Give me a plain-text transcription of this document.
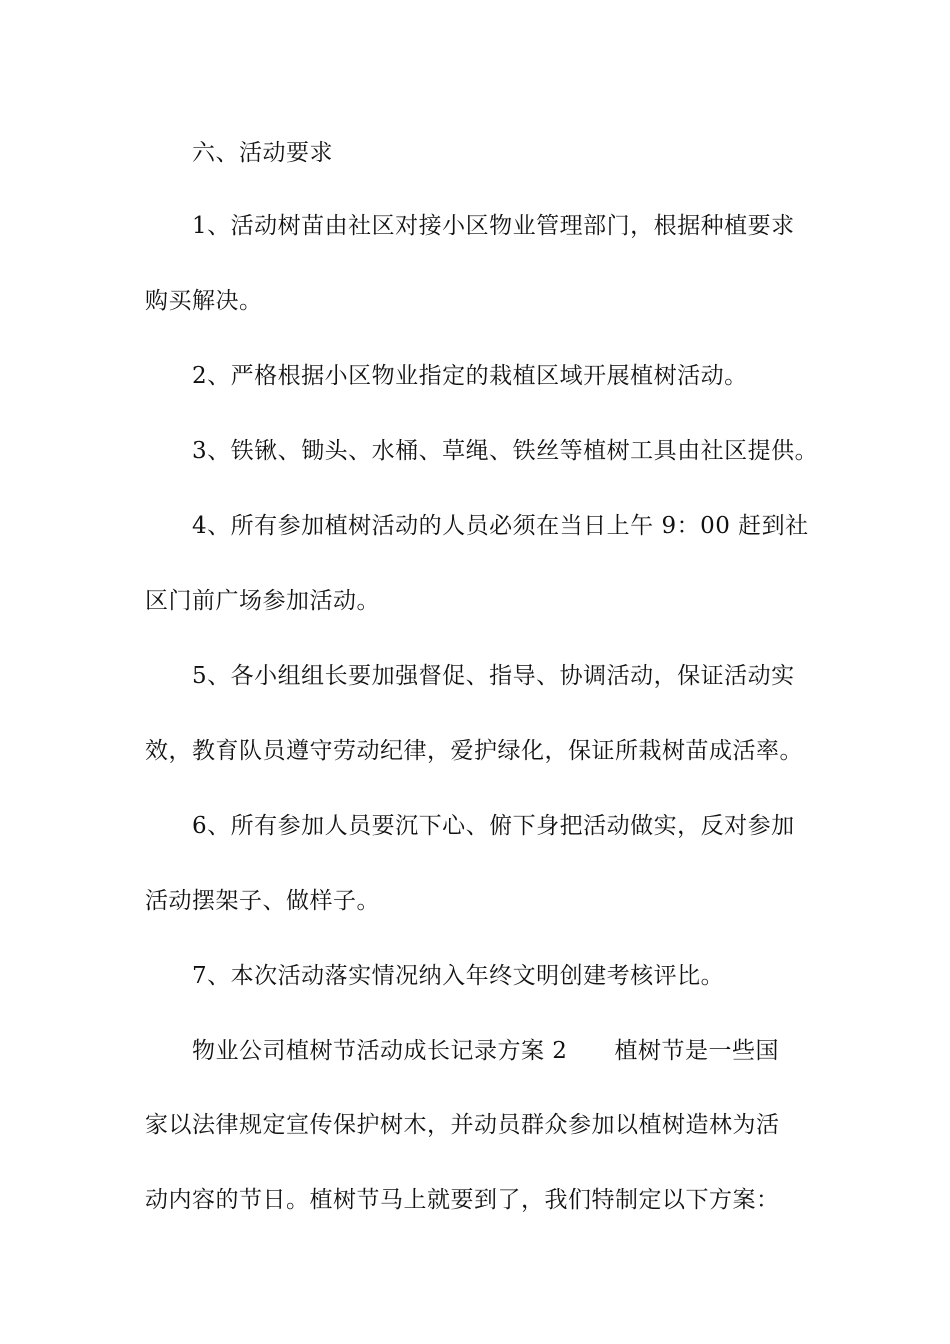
六、活动要求
1、活动树苗由社区对接小区物业管理部门，根据种植要求
购买解决。
2、严格根据小区物业指定的栽植区域开展植树活动。
3、铁锹、锄头、水桶、草绳、铁丝等植树工具由社区提供。
4、所有参加植树活动的人员必须在当日上午 9：00 赶到社
区门前广场参加活动。
5、各小组组长要加强督促、指导、协调活动，保证活动实
效，教育队员遵守劳动纪律，爱护绿化，保证所栽树苗成活率。
6、所有参加人员要沉下心、俯下身把活动做实，反对参加
活动摆架子、做样子。
7、本次活动落实情况纳入年终文明创建考核评比。
物业公司植树节活动成长记录方案 2　　植树节是一些国
家以法律规定宣传保护树木，并动员群众参加以植树造林为活
动内容的节日。植树节马上就要到了，我们特制定以下方案：
